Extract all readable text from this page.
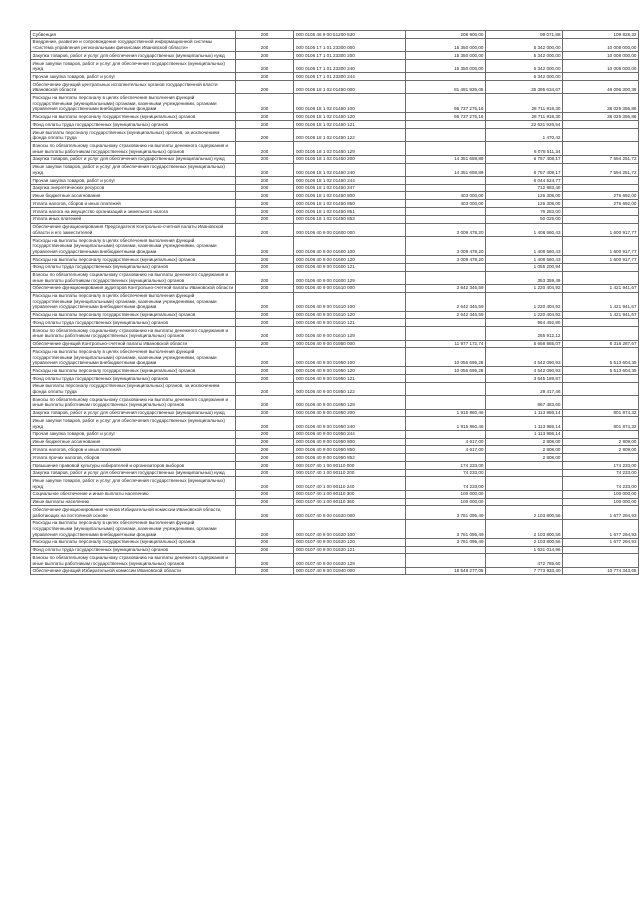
Субвенция	200	000 0105 46 9 00 51200 530	208 900,00	99 071,88	109 828,32
Внедрение, развитие и сопровождение государственной информационной системы «Система управления региональными финансами Ивановской области»	200	000 0106 17 1 01 23300 000	15 350 000,00	5 342 000,00	10 008 000,00
Закупка товаров, работ и услуг для обеспечения государственных (муниципальных) нужд	200	000 0106 17 1 01 23300 200	15 350 000,00	5 342 000,00	10 008 000,00
Иные закупки товаров, работ и услуг для обеспечения государственных (муниципальных) нужд	200	000 0106 17 1 01 23300 240	15 350 000,00	5 342 000,00	10 008 000,00
Прочая закупка товаров, работ и услуг	200	000 0106 17 1 01 23300 244		5 342 000,00	
Обеспечение функций центральных исполнительных органов государственной власти Ивановской области	200	000 0106 18 1 02 01450 000	81 491 935,05	35 395 634,67	46 096 300,38
Расходы на выплаты персоналу в целях обеспечения выполнения функций государственными (муниципальными) органами, казенными учреждениями, органами управления государственными внебюджетными фондами	200	000 0106 18 1 02 01450 100	66 737 275,16	28 711 918,30	38 025 356,86
Расходы на выплаты персоналу государственных (муниципальных) органов	200	000 0106 18 1 02 01450 120	66 737 275,16	28 711 918,30	38 025 356,86
Фонд оплаты труда государственных (муниципальных) органов	200	000 0106 18 1 02 01450 121		22 631 926,54	
Иные выплаты персоналу государственных (муниципальных) органов, за исключением фонда оплаты труда	200	000 0106 18 1 02 01450 122		1 470,42	
Взносы по обязательному социальному страхованию на выплаты денежного содержания и иные выплаты работникам государственных (муниципальных) органов	200	000 0106 18 1 02 01450 129		6 078 511,34	
Закупка товаров, работ и услуг для обеспечения государственных (муниципальных) нужд	200	000 0106 18 1 02 01450 200	14 351 659,89	6 757 408,17	7 594 251,72
Иные закупки товаров, работ и услуг для обеспечения государственных (муниципальных) нужд	200	000 0106 18 1 02 01450 240	14 351 659,89	6 757 408,17	7 594 251,72
Прочая закупка товаров, работ и услуг	200	000 0106 18 1 02 01450 244		6 044 524,77	
Закупка энергетических ресурсов	200	000 0106 18 1 02 01450 247		712 883,40	
Иные бюджетные ассигнования	200	000 0106 18 1 02 01450 800	403 000,00	126 308,00	276 692,00
Уплата налогов, сборов и иных платежей	200	000 0106 18 1 02 01450 850	403 000,00	126 308,00	276 692,00
Уплата налога на имущество организаций и земельного налога	200	000 0106 18 1 02 01450 851		76 283,00	
Уплата иных платежей	200	000 0106 18 1 02 01450 853		50 025,00	
Обеспечение функционирования Председателя Контрольно-счетной палаты Ивановской области и его заместителей	200	000 0106 40 9 00 01600 000	3 009 478,20	1 408 560,43	1 600 917,77
Расходы на выплаты персоналу в целях обеспечения выполнения функций государственными (муниципальными) органами, казенными учреждениями, органами управления государственными внебюджетными фондами	200	000 0106 40 9 00 01600 100	3 009 478,20	1 408 560,43	1 600 917,77
Расходы на выплаты персоналу государственных (муниципальных) органов	200	000 0106 40 9 00 01600 120	3 009 478,20	1 408 560,43	1 600 917,77
Фонд оплаты труда государственных (муниципальных) органов	200	000 0106 40 9 00 01600 121		1 055 200,94	
Взносы по обязательному социальному страхованию на выплаты денежного содержания и иные выплаты работникам государственных (муниципальных) органов	200	000 0106 40 9 00 01600 129		353 359,49	
Обеспечение функционирования аудиторов Контрольно-счетной палаты Ивановской области	200	000 0106 40 9 00 01610 000	2 642 346,59	1 220 404,92	1 421 941,67
Расходы на выплаты персоналу в целях обеспечения выполнения функций государственными (муниципальными) органами, казенными учреждениями, органами управления государственными внебюджетными фондами	200	000 0106 40 9 00 01610 100	2 642 346,59	1 220 404,92	1 421 941,67
Расходы на выплаты персоналу государственных (муниципальных) органов	200	000 0106 40 9 00 01610 120	2 642 346,59	1 220 404,92	1 421 941,67
Фонд оплаты труда государственных (муниципальных) органов	200	000 0106 40 9 00 01610 121		964 492,80	
Взносы по обязательному социальному страхованию на выплаты денежного содержания и иные выплаты работникам государственных (муниципальных) органов	200	000 0106 40 9 00 01610 129		255 912,12	
Обеспечение функций Контрольно-счетной палаты Ивановской области	200	000 0106 40 9 00 01950 000	11 977 172,74	5 658 885,07	6 318 287,67
Расходы на выплаты персоналу в целях обеспечения выполнения функций государственными (муниципальными) органами, казенными учреждениями, органами управления государственными внебюджетными фондами	200	000 0106 40 9 00 01950 100	10 056 695,28	4 542 090,93	5 513 604,35
Расходы на выплаты персоналу государственных (муниципальных) органов	200	000 0106 40 9 00 01950 120	10 056 695,28	4 542 090,93	5 513 604,35
Фонд оплаты труда государственных (муниципальных) органов	200	000 0106 40 9 00 01950 121		3 645 189,87	
Иные выплаты персоналу государственных (муниципальных) органов, за исключением фонда оплаты труда	200	000 0106 40 9 00 01950 122		29 417,46	
Взносы по обязательному социальному страхованию на выплаты денежного содержания и иные выплаты работникам государственных (муниципальных) органов	200	000 0106 40 9 00 01950 129		867 483,60	
Закупка товаров, работ и услуг для обеспечения государственных (муниципальных) нужд	200	000 0106 40 9 00 01950 200	1 915 860,46	1 113 986,14	801 874,32
Иные закупки товаров, работ и услуг для обеспечения государственных (муниципальных) нужд	200	000 0106 40 9 00 01950 240	1 915 860,46	1 113 986,14	801 874,32
Прочая закупка товаров, работ и услуг	200	000 0106 40 9 00 01950 244		1 113 986,14	
Иные бюджетные ассигнования	200	000 0106 40 9 00 01950 800	4 617,00	2 808,00	2 809,00
Уплата налогов, сборов и иных платежей	200	000 0106 40 9 00 01950 850	4 617,00	2 808,00	2 809,00
Уплата прочих налогов, сборов	200	000 0106 40 9 00 01950 852		2 808,00	
Повышение правовой культуры избирателей и организаторов выборов	200	000 0107 40 1 00 90110 000	174 233,00		174 233,00
Закупка товаров, работ и услуг для обеспечения государственных (муниципальных) нужд	200	000 0107 40 1 00 90110 200	74 233,00		74 233,00
Иные закупки товаров, работ и услуг для обеспечения государственных (муниципальных) нужд	200	000 0107 40 1 00 90110 240	74 233,00		74 233,00
Социальное обеспечение и иные выплаты населению	200	000 0107 40 1 00 90110 300	100 000,00		100 000,00
Иные выплаты населению	200	000 0107 40 1 00 90110 360	100 000,00		100 000,00
Обеспечение функционирования членов Избирательной комиссии Ивановской области, работающих на постоянной основе	200	000 0107 40 9 00 01620 000	3 781 095,49	2 103 800,56	1 677 294,93
Расходы на выплаты персоналу в целях обеспечения выполнения функций государственными (муниципальными) органами, казенными учреждениями, органами управления государственными внебюджетными фондами	200	000 0107 40 9 00 01620 100	3 781 095,49	2 103 800,56	1 677 294,93
Расходы на выплаты персоналу государственных (муниципальных) органов	200	000 0107 40 9 00 01620 120	3 781 095,49	2 103 800,56	1 677 294,93
Фонд оплаты труда государственных (муниципальных) органов	200	000 0107 40 9 00 01620 121		1 631 014,96	
Взносы по обязательному социальному страхованию на выплаты денежного содержания и иные выплаты работникам государственных (муниципальных) органов	200	000 0107 40 9 00 01620 129		472 785,60	
Обеспечение функций Избирательной комиссии Ивановской области	200	000 0107 40 9 00 01940 000	18 548 277,05	7 773 933,40	10 774 343,65
